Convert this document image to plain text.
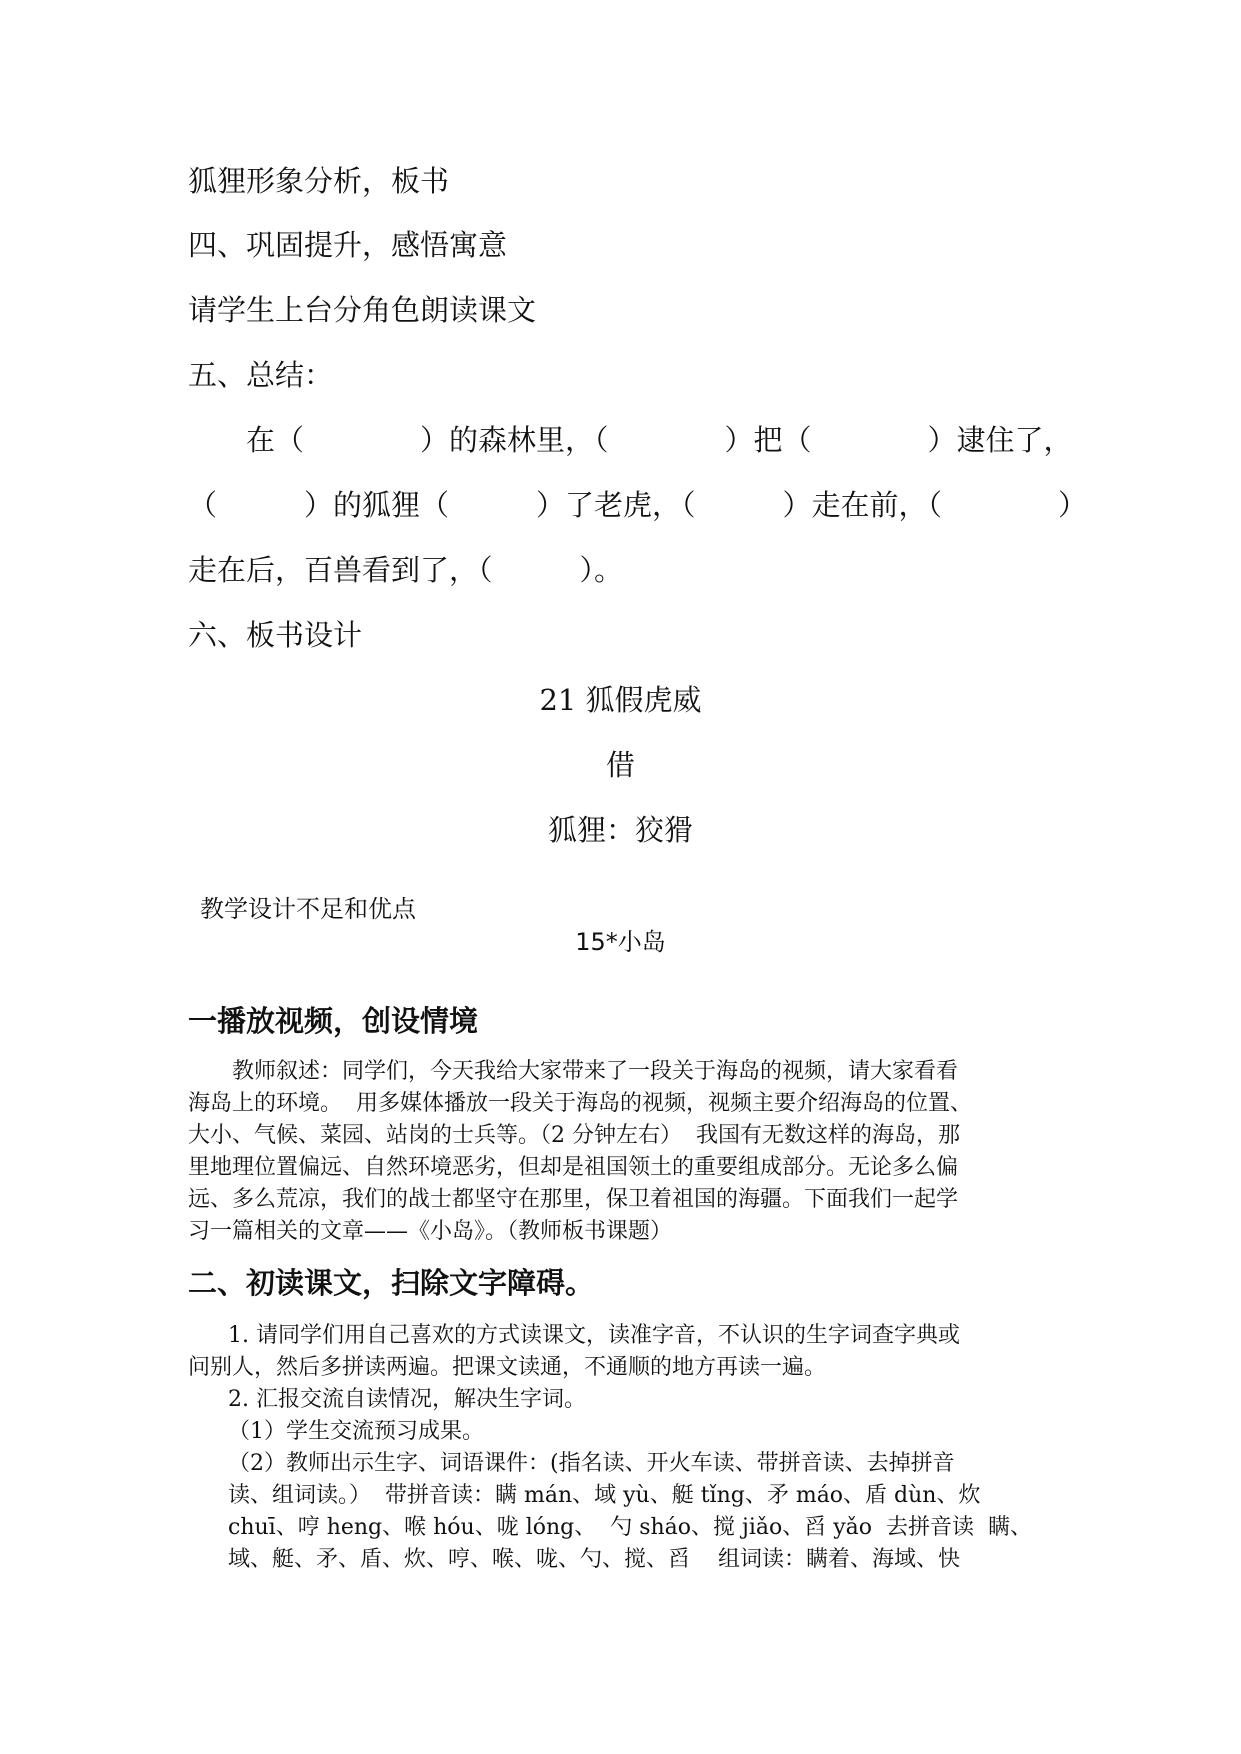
狐狸形象分析，板书
四、巩固提升，感悟寓意
请学生上台分角色朗读课文
五、总结：
在（　　　　）的森林里，（　　　　）把（　　　　）逮住了，
（　　　）的狐狸（　　　）了老虎，（　　　）走在前，（　　　　）
走在后，百兽看到了，（　　　）。
六、板书设计
21 狐假虎威
借
狐狸：狡猾
教学设计不足和优点
15*小岛
一播放视频，创设情境
教师叙述：同学们，今天我给大家带来了一段关于海岛的视频，请大家看看
海岛上的环境。  用多媒体播放一段关于海岛的视频，视频主要介绍海岛的位置、
大小、气候、菜园、站岗的士兵等。（2 分钟左右）  我国有无数这样的海岛，那
里地理位置偏远、自然环境恶劣，但却是祖国领土的重要组成部分。无论多么偏
远、多么荒凉，我们的战士都坚守在那里，保卫着祖国的海疆。下面我们一起学
习一篇相关的文章——《小岛》。（教师板书课题）
二、初读课文，扫除文字障碍。
1. 请同学们用自己喜欢的方式读课文，读准字音，不认识的生字词查字典或
问别人，然后多拼读两遍。把课文读通，不通顺的地方再读一遍。
2. 汇报交流自读情况，解决生字词。
（1）学生交流预习成果。
（2）教师出示生字、词语课件：(指名读、开火车读、带拼音读、去掉拼音
读、组词读。）  带拼音读：瞒 mán、域 yù、艇 tǐng、矛 máo、盾 dùn、炊
chuī、哼 heng、喉 hóu、咙 lóng、  勺 sháo、搅 jiǎo、舀 yǎo  去拼音读  瞒、
域、艇、矛、盾、炊、哼、喉、咙、勺、搅、舀    组词读：瞒着、海域、快
